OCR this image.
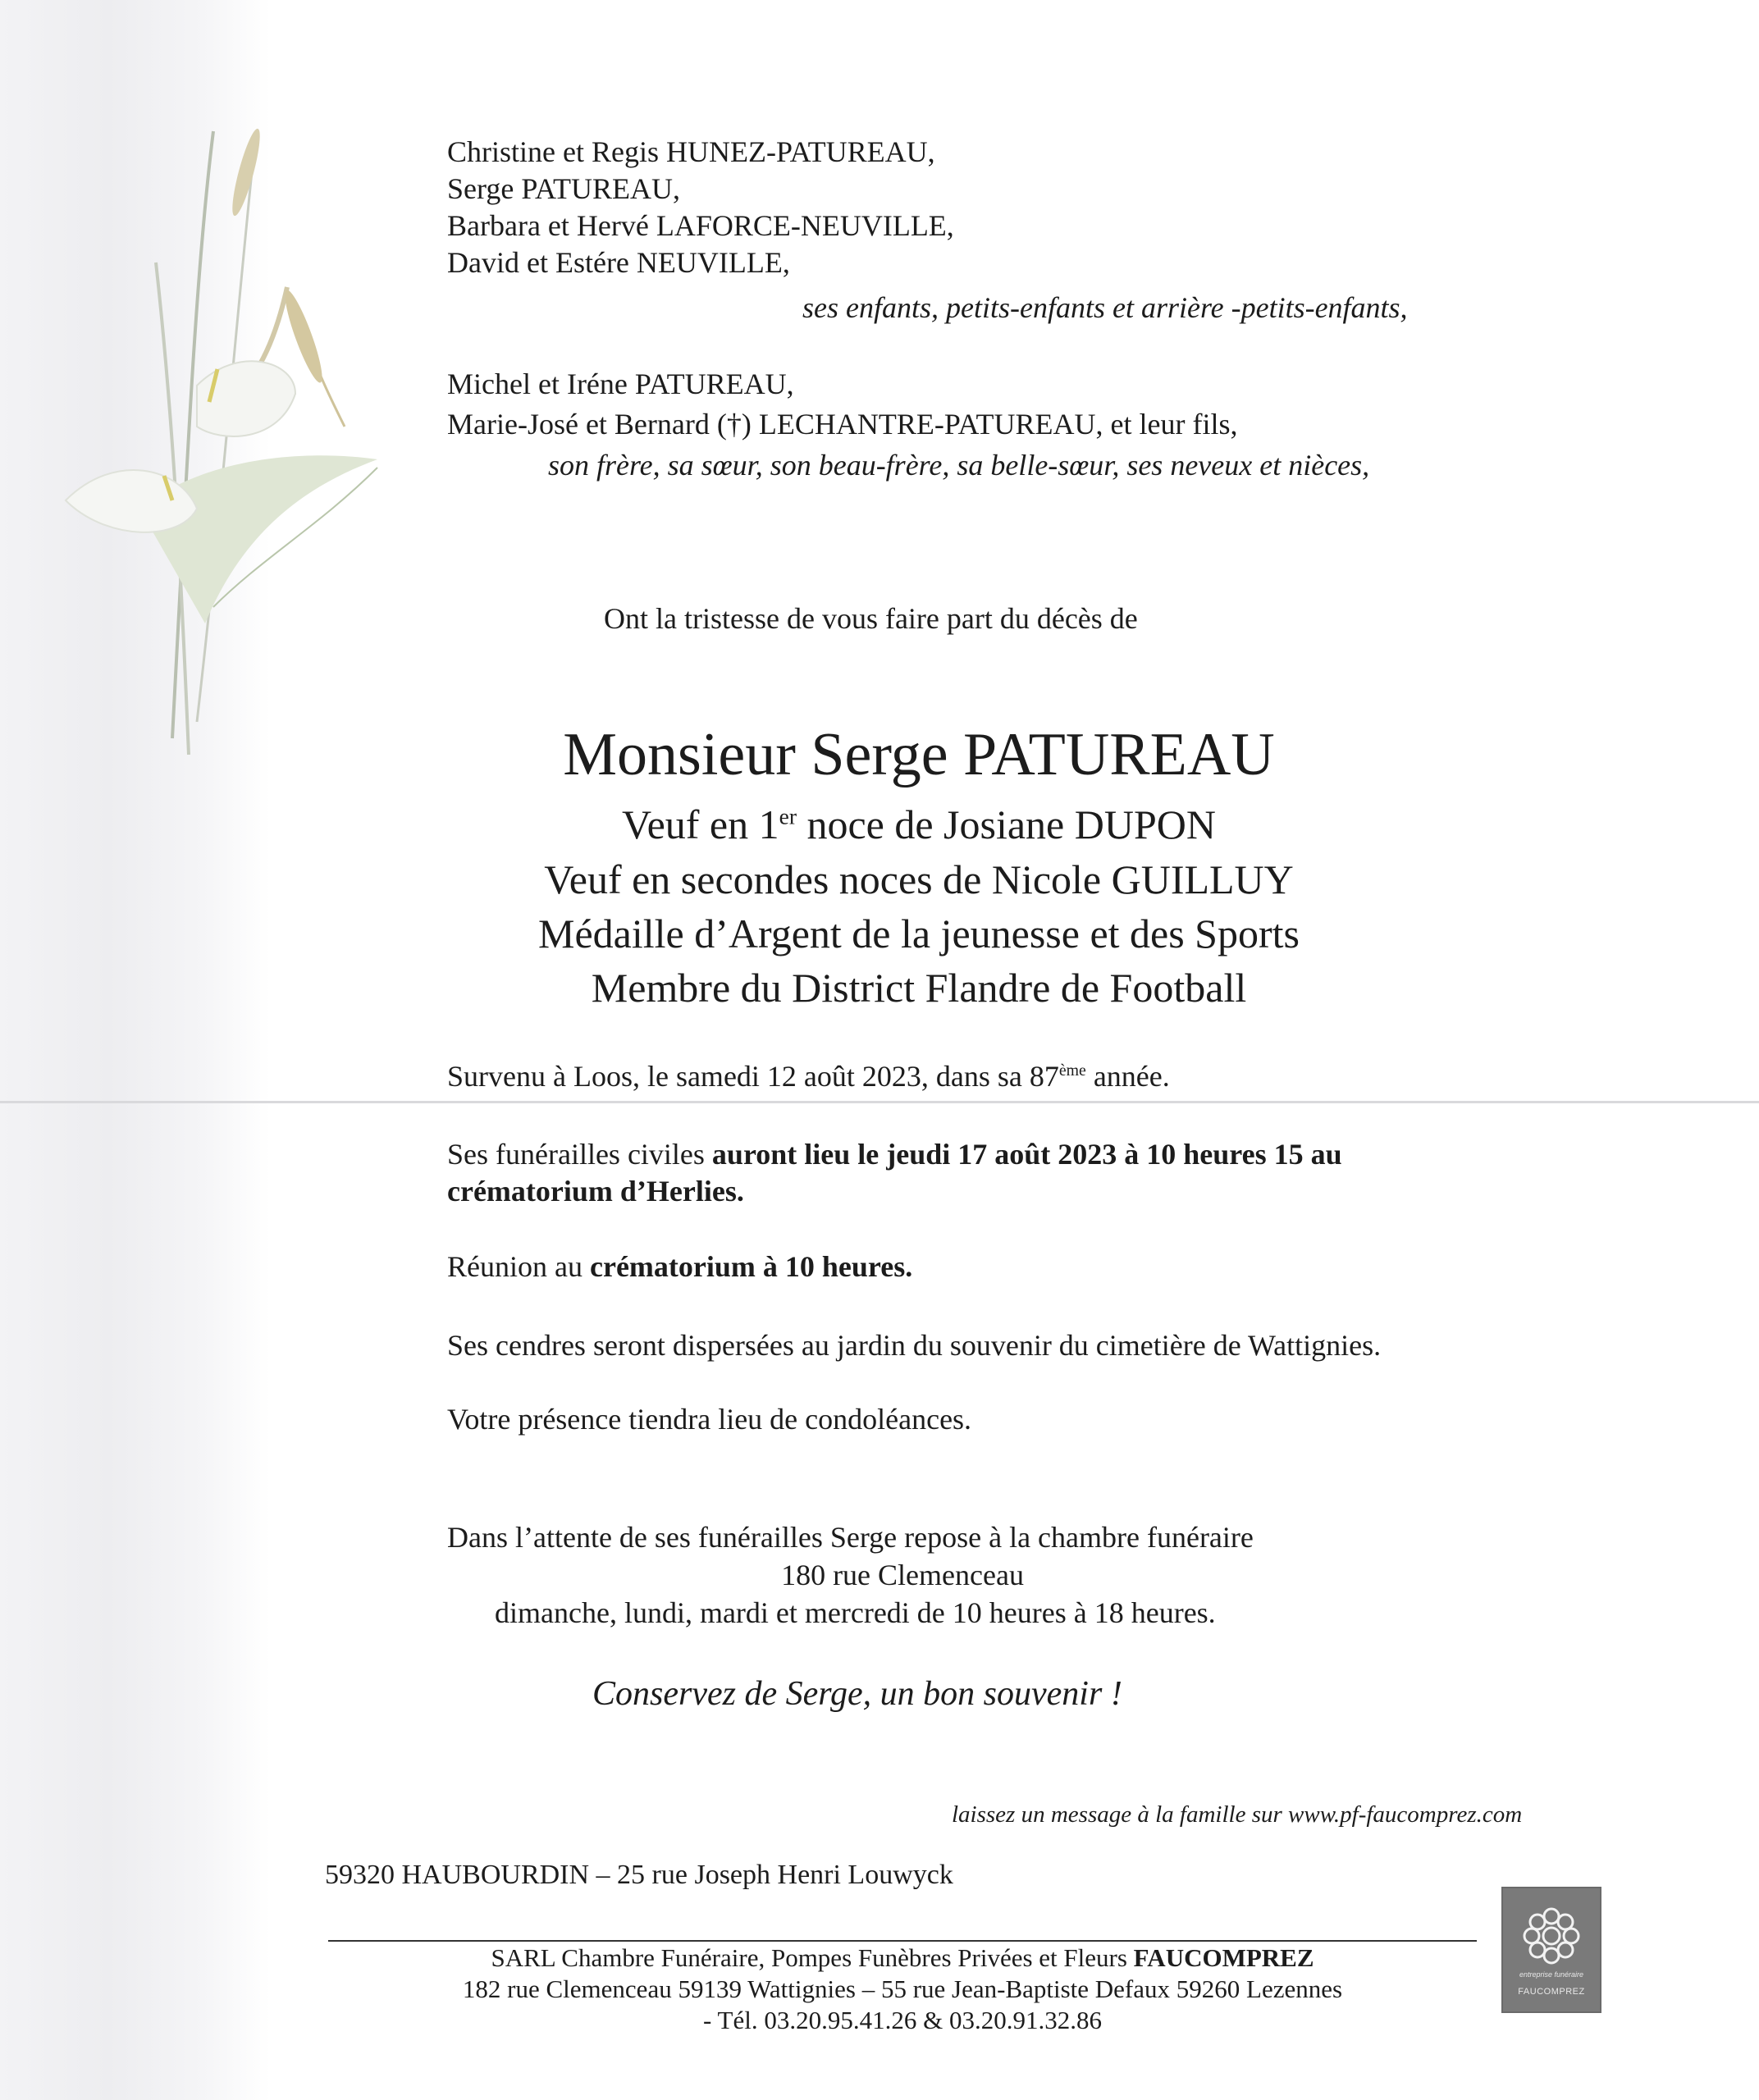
Christine et Regis HUNEZ-PATUREAU,
Serge PATUREAU,
Barbara et Hervé LAFORCE-NEUVILLE,
David et Estére NEUVILLE,
ses enfants, petits-enfants et arrière -petits-enfants,
Michel et Iréne PATUREAU,
Marie-José et Bernard (†) LECHANTRE-PATUREAU, et leur fils,
son frère, sa sœur, son beau-frère, sa belle-sœur, ses neveux et nièces,
Ont la tristesse de vous faire part du décès de
Monsieur Serge PATUREAU
Veuf en 1er noce de Josiane DUPON
Veuf en secondes noces de Nicole GUILLUY
Médaille d’Argent de la jeunesse et des Sports
Membre du District Flandre de Football
Survenu à Loos, le samedi 12 août 2023, dans sa 87ème année.
Ses funérailles civiles auront lieu le jeudi 17 août 2023 à 10 heures 15 au
crématorium d’Herlies.
Réunion au crématorium à 10 heures.
Ses cendres seront dispersées au jardin du souvenir du cimetière de Wattignies.
Votre présence tiendra lieu de condoléances.
Dans l’attente de ses funérailles Serge repose à la chambre funéraire
180 rue Clemenceau
dimanche, lundi, mardi et mercredi de 10 heures à 18 heures.
Conservez de Serge, un bon souvenir !
laissez un message à la famille sur www.pf-faucomprez.com
59320 HAUBOURDIN – 25 rue Joseph Henri Louwyck
SARL Chambre Funéraire, Pompes Funèbres Privées et Fleurs FAUCOMPREZ
182 rue Clemenceau 59139 Wattignies – 55 rue Jean-Baptiste Defaux 59260 Lezennes
- Tél. 03.20.95.41.26 & 03.20.91.32.86
entreprise funéraire
FAUCOMPREZ
